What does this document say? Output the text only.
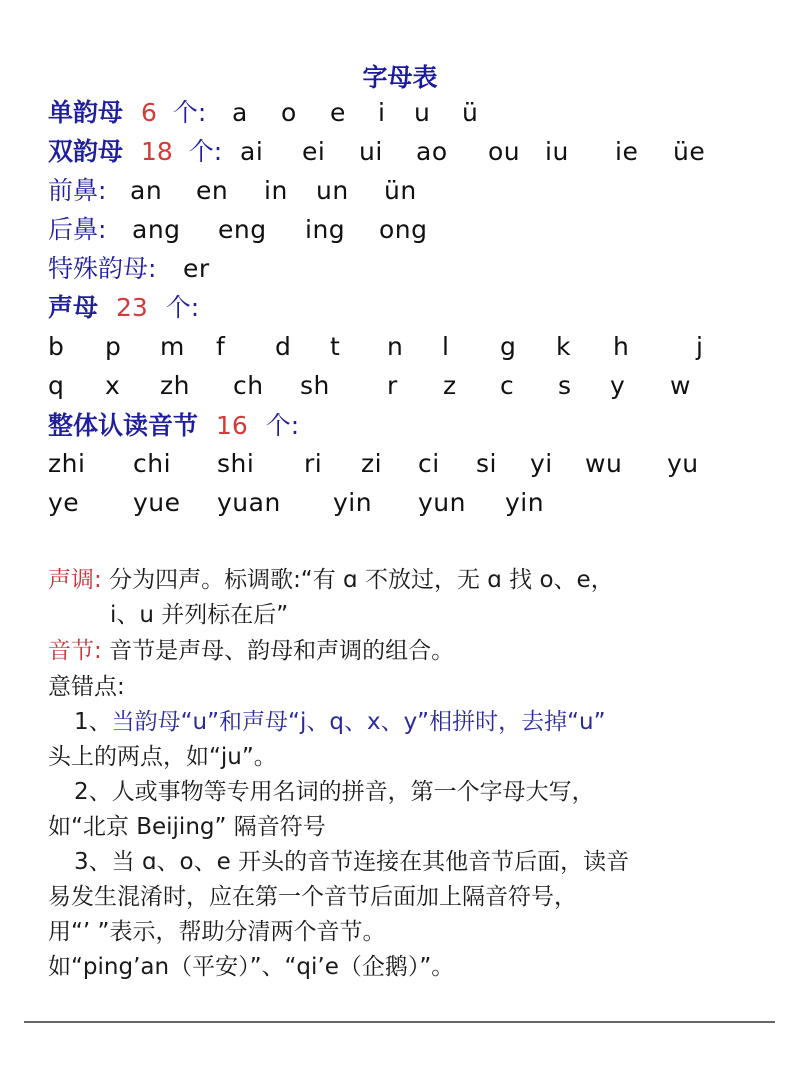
字母表
单韵母 6 个: a o e i u ü
双韵母 18 个: ai ei ui ao ou iu ie üe
前鼻: an en in un ün
后鼻: ang eng ing ong
特殊韵母: er
声母 23 个:
b p m f d t n l g k h	j
q x zh ch sh r z c s y w
整体认读音节 16 个:
zhi chi shi ri zi ci si yi wu yu
ye yue yuan yin yun yin
声调: 分为四声。标调歌:“有 ɑ 不放过，无 ɑ 找 o、e，
i、u 并列标在后”
音节: 音节是声母、韵母和声调的组合。
意错点:
1、当韵母“u”和声母“j、q、x、y”相拼时，去掉“u”
头上的两点，如“ju”。
2、人或事物等专用名词的拼音，第一个字母大写，
如“北京 Beijing” 隔音符号
3、当 ɑ、o、e 开头的音节连接在其他音节后面，读音
易发生混淆时，应在第一个音节后面加上隔音符号，
用“’ ”表示，帮助分清两个音节。
如“ping’an（平安）”、“qi’e（企鹅）”。
